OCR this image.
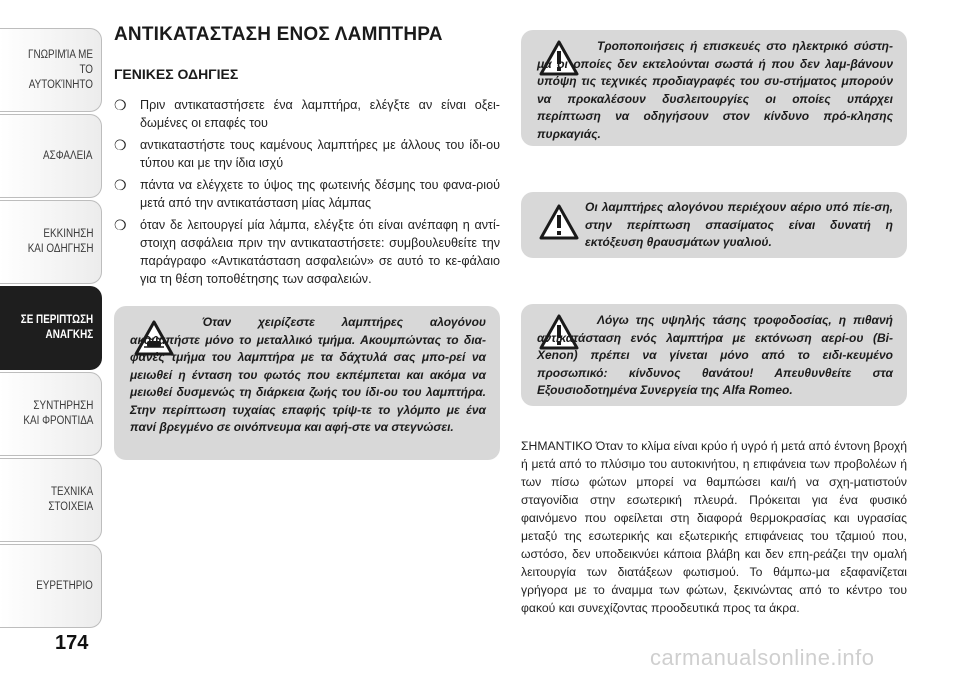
ΓΝΩΡΙΜΊΑ ΜΕ ΤΟ
ΑΥΤΟΚΊΝΗΤΟ
ΑΣΦΑΛΕΙΑ
ΕΚΚΙΝΗΣΗ
ΚΑΙ ΟΔΗΓΗΣΗ
ΣΕ ΠΕΡΙΠΤΩΣΗ
ΑΝΑΓΚΗΣ
ΣΥΝΤΗΡΗΣΗ
ΚΑΙ ΦΡΟΝΤΙΔΑ
ΤΕΧΝΙΚΑ
ΣΤΟΙΧΕΙΑ
ΕΥΡΕΤΗΡΙΟ
174
ΑΝΤΙΚΑΤΑΣΤΑΣΗ ΕΝΟΣ ΛΑΜΠΤΗΡΑ
ΓΕΝΙΚΕΣ ΟΔΗΓΙΕΣ
❍	Πριν αντικαταστήσετε ένα λαμπτήρα, ελέγξτε αν είναι οξει-δωμένες οι επαφές του
❍	αντικαταστήστε τους καμένους λαμπτήρες με άλλους του ίδι-ου τύπου και με την ίδια ισχύ
❍	πάντα να ελέγχετε το ύψος της φωτεινής δέσμης του φανα-ριού μετά από την αντικατάσταση μίας λάμπας
❍	όταν δε λειτουργεί μία λάμπα, ελέγξτε ότι είναι ανέπαφη η αντί-στοιχη ασφάλεια πριν την αντικαταστήσετε: συμβουλευθείτε την παράγραφο «Αντικατάσταση ασφαλειών» σε αυτό το κε-φάλαιο για τη θέση τοποθέτησης των ασφαλειών.
Όταν χειρίζεστε λαμπτήρες αλογόνου ακουμπήστε μόνο το μεταλλικό τμήμα. Ακουμπώντας το δια-φανές τμήμα του λαμπτήρα με τα δάχτυλά σας μπο-ρεί να μειωθεί η ένταση του φωτός που εκπέμπεται και ακόμα να μειωθεί δυσμενώς τη διάρκεια ζωής του ίδι-ου του λαμπτήρα. Στην περίπτωση τυχαίας επαφής τρίψ-τε το γλόμπο με ένα πανί βρεγμένο σε οινόπνευμα και αφή-στε να στεγνώσει.
Τροποποιήσεις ή επισκευές στο ηλεκτρικό σύστη-μα οι οποίες δεν εκτελούνται σωστά ή που δεν λαμ-βάνουν υπόψη τις τεχνικές προδιαγραφές του συ-στήματος μπορούν να προκαλέσουν δυσλειτουργίες οι οποίες υπάρχει περίπτωση να οδηγήσουν στον κίνδυνο πρό-κλησης πυρκαγιάς.
Οι λαμπτήρες αλογόνου περιέχουν αέριο υπό πίε-ση, στην περίπτωση σπασίματος είναι δυνατή η εκτόξευση θραυσμάτων γυαλιού.
Λόγω της υψηλής τάσης τροφοδοσίας, η πιθανή αντικατάσταση ενός λαμπτήρα με εκτόνωση αερί-ου (Bi-Xenon) πρέπει να γίνεται μόνο από το ειδι-κευμένο προσωπικό: κίνδυνος θανάτου! Απευθυνθείτε στα Εξουσιοδοτημένα Συνεργεία της Alfa Romeo.
ΣΗΜΑΝΤΙΚΟ Όταν το κλίμα είναι κρύο ή υγρό ή μετά από έντονη βροχή ή μετά από το πλύσιμο του αυτοκινήτου, η επιφάνεια των προβολέων ή των πίσω φώτων μπορεί να θαμπώσει και/ή να σχη-ματιστούν σταγονίδια στην εσωτερική πλευρά. Πρόκειται για ένα φυσικό φαινόμενο που οφείλεται στη διαφορά θερμοκρασίας και υγρασίας μεταξύ της εσωτερικής και εξωτερικής επιφάνειας του τζαμιού που, ωστόσο, δεν υποδεικνύει κάποια βλάβη και δεν επη-ρεάζει την ομαλή λειτουργία των διατάξεων φωτισμού. Το θάμπω-μα εξαφανίζεται γρήγορα με το άναμμα των φώτων, ξεκινώντας από το κέντρο του φακού και συνεχίζοντας προοδευτικά προς τα άκρα.
carmanualsonline.info
